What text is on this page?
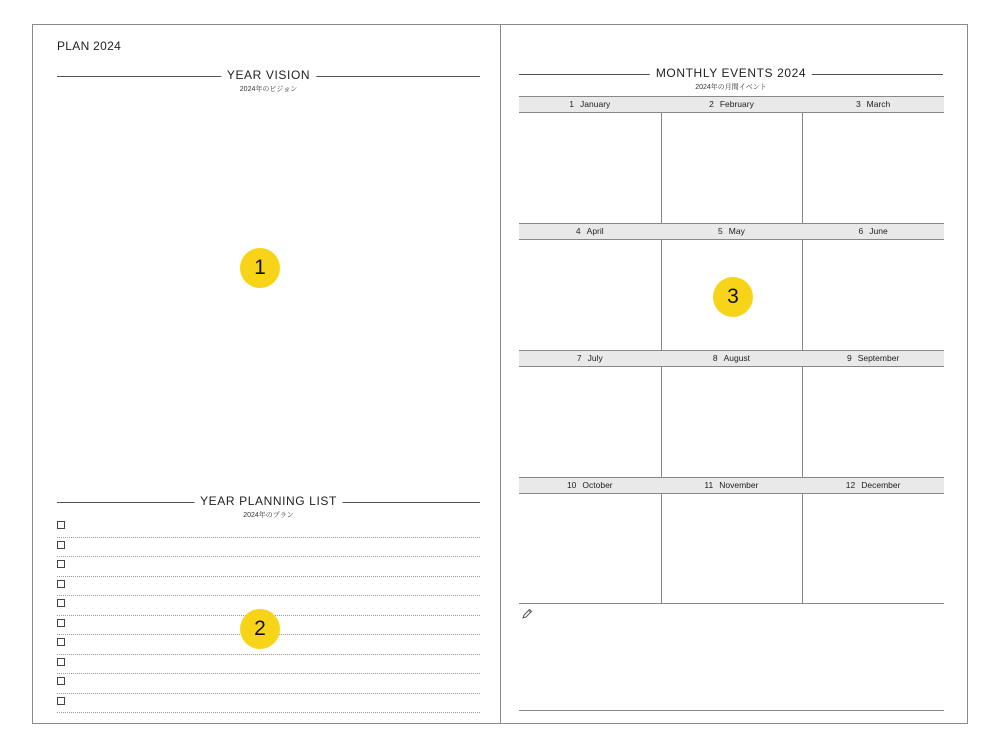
PLAN 2024
YEAR VISION
2024年のビジョン
1
YEAR PLANNING LIST
2024年のプラン
2
MONTHLY EVENTS 2024
2024年の月間イベント
1 January	2 February	3 March
4 April	5 May	6 June
7 July	8 August	9 September
10 October	11 November	12 December
3
